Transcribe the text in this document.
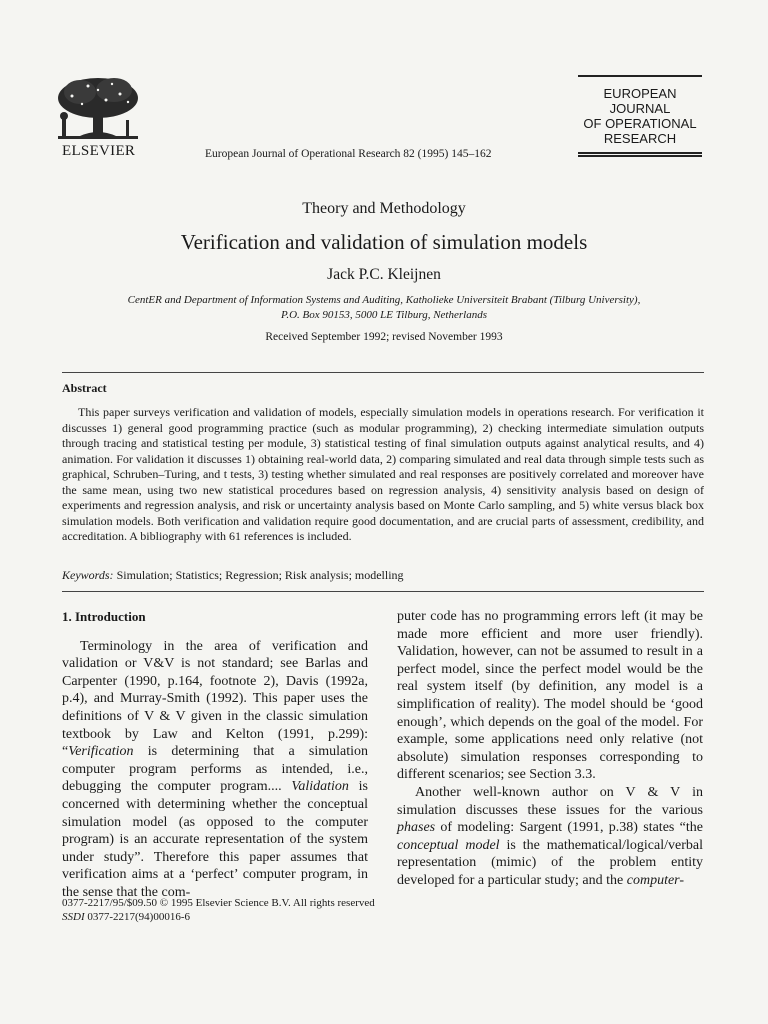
ELSEVIER	European Journal of Operational Research 82 (1995) 145–162
EUROPEAN
JOURNAL
OF OPERATIONAL
RESEARCH
Theory and Methodology
Verification and validation of simulation models
Jack P.C. Kleijnen
CentER and Department of Information Systems and Auditing, Katholieke Universiteit Brabant (Tilburg University),
P.O. Box 90153, 5000 LE Tilburg, Netherlands
Received September 1992; revised November 1993
Abstract
This paper surveys verification and validation of models, especially simulation models in operations research. For verification it discusses 1) general good programming practice (such as modular programming), 2) checking intermediate simulation outputs through tracing and statistical testing per module, 3) statistical testing of final simulation outputs against analytical results, and 4) animation. For validation it discusses 1) obtaining real-world data, 2) comparing simulated and real data through simple tests such as graphical, Schruben–Turing, and t tests, 3) testing whether simulated and real responses are positively correlated and moreover have the same mean, using two new statistical procedures based on regression analysis, 4) sensitivity analysis based on design of experiments and regression analysis, and risk or uncertainty analysis based on Monte Carlo sampling, and 5) white versus black box simulation models. Both verification and validation require good documentation, and are crucial parts of assessment, credibility, and accreditation. A bibliography with 61 references is included.
Keywords: Simulation; Statistics; Regression; Risk analysis; modelling
1. Introduction

Terminology in the area of verification and validation or V&V is not standard; see Barlas and Carpenter (1990, p.164, footnote 2), Davis (1992a, p.4), and Murray-Smith (1992). This paper uses the definitions of V & V given in the classic simulation textbook by Law and Kelton (1991, p.299): “Verification is determining that a simulation computer program performs as intended, i.e., debugging the computer program.... Validation is concerned with determining whether the conceptual simulation model (as opposed to the computer program) is an accurate representation of the system under study”. Therefore this paper assumes that verification aims at a ‘perfect’ computer program, in the sense that the com-

puter code has no programming errors left (it may be made more efficient and more user friendly). Validation, however, can not be assumed to result in a perfect model, since the perfect model would be the real system itself (by definition, any model is a simplification of reality). The model should be ‘good enough’, which depends on the goal of the model. For example, some applications need only relative (not absolute) simulation responses corresponding to different scenarios; see Section 3.3.

Another well-known author on V & V in simulation discusses these issues for the various phases of modeling: Sargent (1991, p.38) states “the conceptual model is the mathematical/logical/verbal representation (mimic) of the problem entity developed for a particular study; and the computer-

0377-2217/95/$09.50 © 1995 Elsevier Science B.V. All rights reserved
SSDI 0377-2217(94)00016-6
